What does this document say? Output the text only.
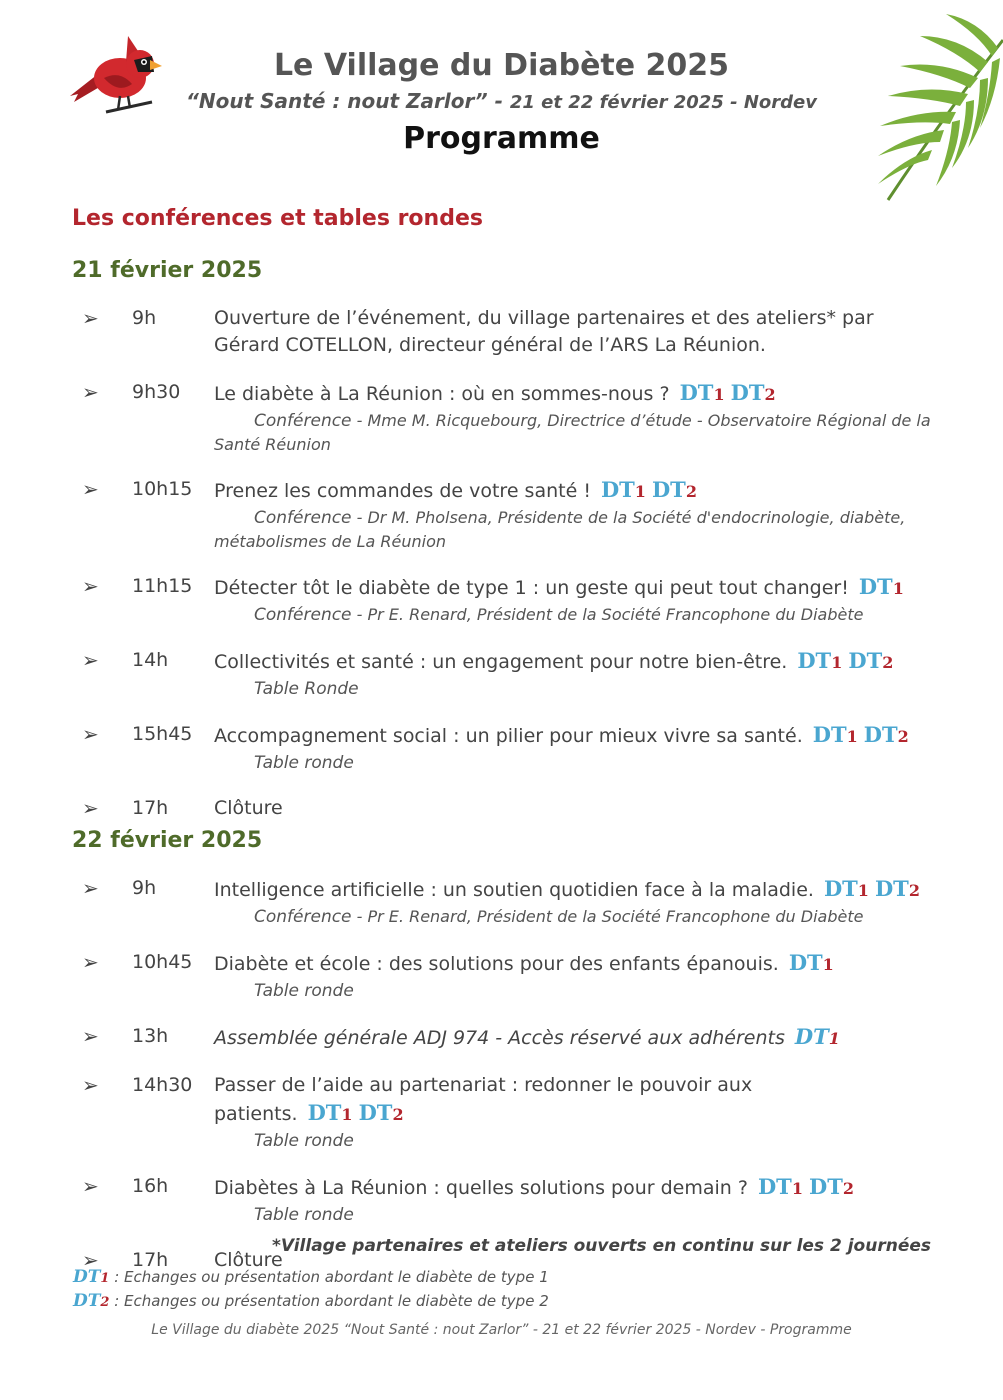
Le Village du Diabète 2025

“Nout Santé : nout Zarlor” - 21 et 22 février 2025 - Nordev

Programme
Les conférences et tables rondes
21 février 2025
➢ 9h	Ouverture de l’événement, du village partenaires et des ateliers* par Gérard COTELLON, directeur général de l’ARS La Réunion.
➢ 9h30 Le diabète à La Réunion : où en sommes-nous ? DT1 DT2
Conférence - Mme M. Ricquebourg, Directrice d’étude - Observatoire Régional de la Santé Réunion
➢ 10h15 Prenez les commandes de votre santé ! DT1 DT2
Conférence - Dr M. Pholsena, Présidente de la Société d'endocrinologie, diabète, métabolismes de La Réunion
➢ 11h15 Détecter tôt le diabète de type 1 : un geste qui peut tout changer! DT1
Conférence - Pr E. Renard, Président de la Société Francophone du Diabète
➢ 14h Collectivités et santé : un engagement pour notre bien-être. DT1 DT2
Table Ronde
➢ 15h45 Accompagnement social : un pilier pour mieux vivre sa santé. DT1 DT2
Table ronde
➢ 17h Clôture
22 février 2025
➢ 9h	Intelligence artificielle : un soutien quotidien face à la maladie. DT1 DT2
Conférence - Pr E. Renard, Président de la Société Francophone du Diabète
➢ 10h45 Diabète et école : des solutions pour des enfants épanouis. DT1
Table ronde
➢ 13h Assemblée générale ADJ 974 - Accès réservé aux adhérents DT1
➢ 14h30 Passer de l’aide au partenariat : redonner le pouvoir aux patients. DT1 DT2
Table ronde
➢ 16h Diabètes à La Réunion : quelles solutions pour demain ? DT1 DT2
Table ronde
➢ 17h Clôture
*Village partenaires et ateliers ouverts en continu sur les 2 journées
DT1 : Echanges ou présentation abordant le diabète de type 1
DT2 : Echanges ou présentation abordant le diabète de type 2
Le Village du diabète 2025 “Nout Santé : nout Zarlor” - 21 et 22 février 2025 - Nordev - Programme
